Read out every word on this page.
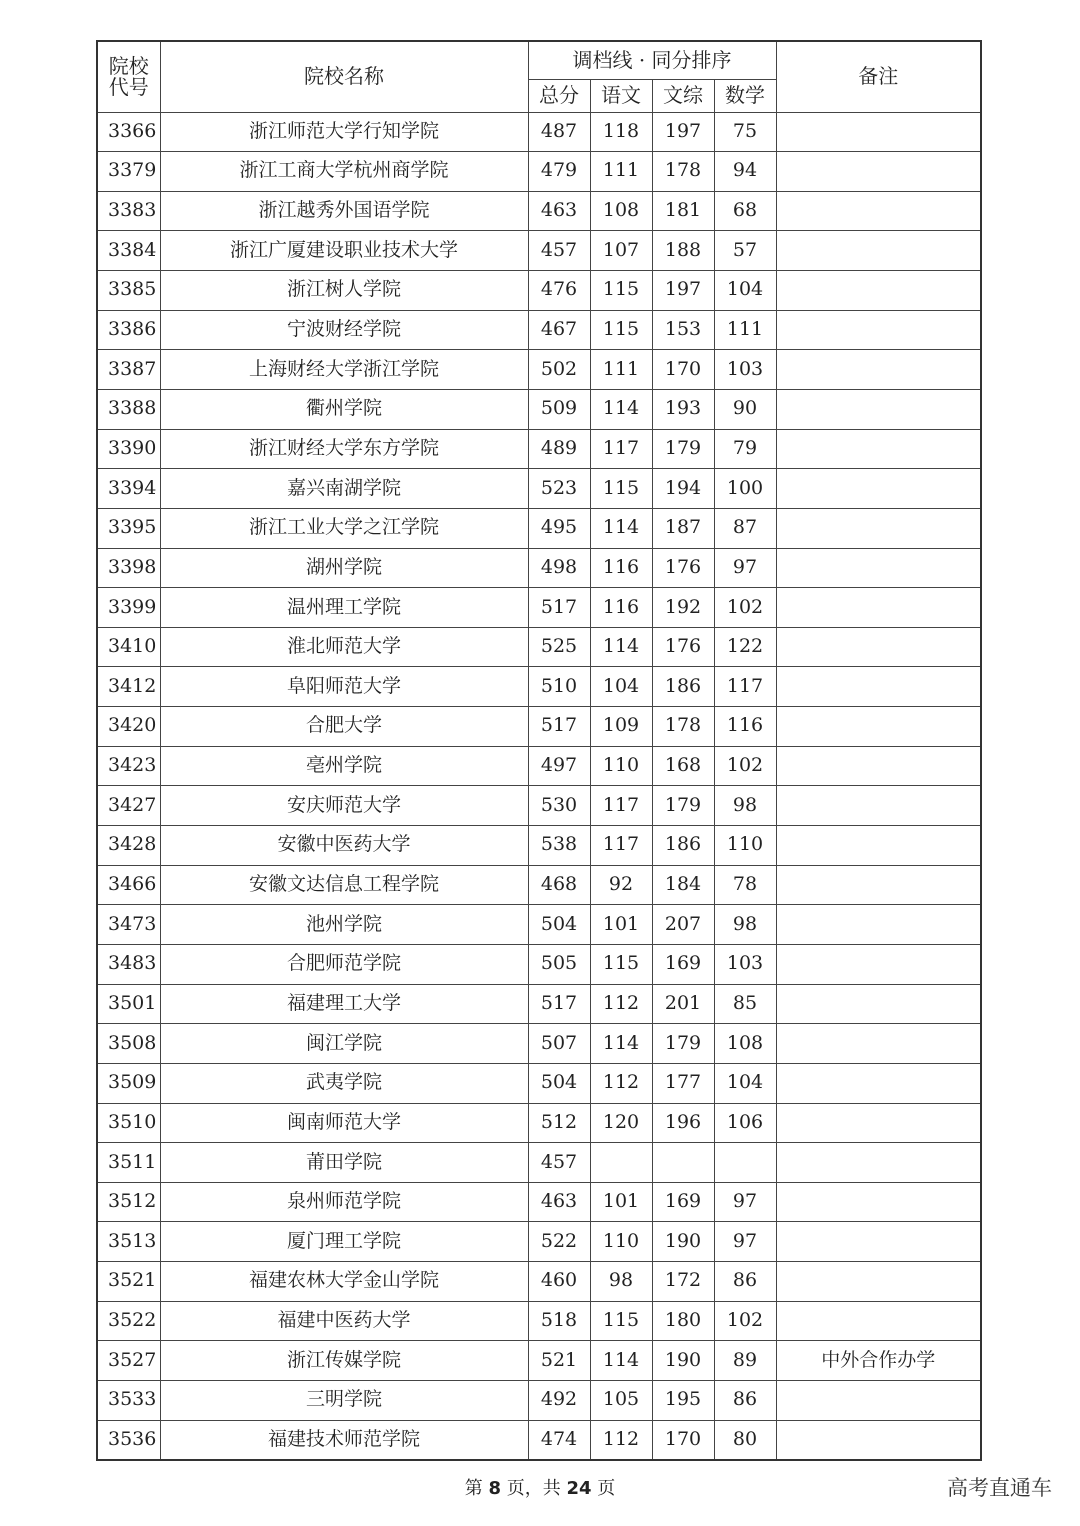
院校代号	院校名称	调档线 · 同分排序				备注
		总分	语文	文综	数学	
3366	浙江师范大学行知学院	487	118	197	75	
3379	浙江工商大学杭州商学院	479	111	178	94	
3383	浙江越秀外国语学院	463	108	181	68	
3384	浙江广厦建设职业技术大学	457	107	188	57	
3385	浙江树人学院	476	115	197	104	
3386	宁波财经学院	467	115	153	111	
3387	上海财经大学浙江学院	502	111	170	103	
3388	衢州学院	509	114	193	90	
3390	浙江财经大学东方学院	489	117	179	79	
3394	嘉兴南湖学院	523	115	194	100	
3395	浙江工业大学之江学院	495	114	187	87	
3398	湖州学院	498	116	176	97	
3399	温州理工学院	517	116	192	102	
3410	淮北师范大学	525	114	176	122	
3412	阜阳师范大学	510	104	186	117	
3420	合肥大学	517	109	178	116	
3423	亳州学院	497	110	168	102	
3427	安庆师范大学	530	117	179	98	
3428	安徽中医药大学	538	117	186	110	
3466	安徽文达信息工程学院	468	92	184	78	
3473	池州学院	504	101	207	98	
3483	合肥师范学院	505	115	169	103	
3501	福建理工大学	517	112	201	85	
3508	闽江学院	507	114	179	108	
3509	武夷学院	504	112	177	104	
3510	闽南师范大学	512	120	196	106	
3511	莆田学院	457				
3512	泉州师范学院	463	101	169	97	
3513	厦门理工学院	522	110	190	97	
3521	福建农林大学金山学院	460	98	172	86	
3522	福建中医药大学	518	115	180	102	
3527	浙江传媒学院	521	114	190	89	中外合作办学
3533	三明学院	492	105	195	86	
3536	福建技术师范学院	474	112	170	80	
第 8 页，共 24 页	高考直通车
